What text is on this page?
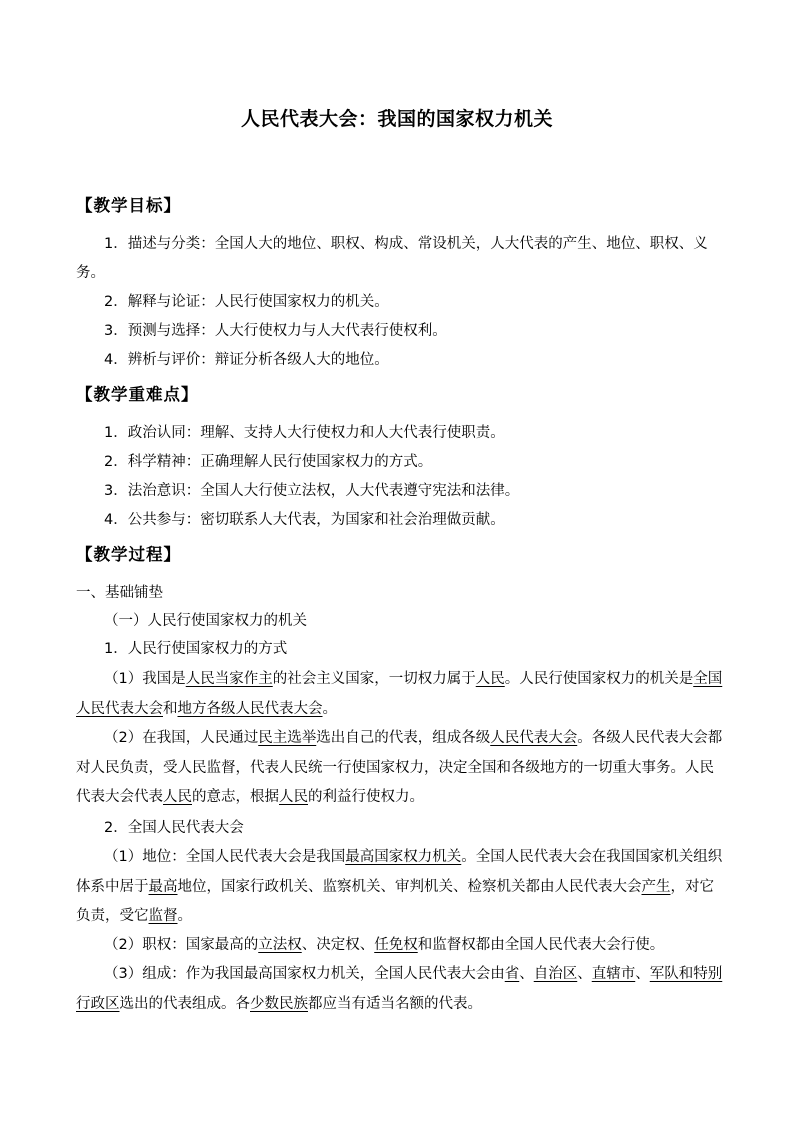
人民代表大会：我国的国家权力机关
【教学目标】
1．描述与分类：全国人大的地位、职权、构成、常设机关，人大代表的产生、地位、职权、义务。
2．解释与论证：人民行使国家权力的机关。
3．预测与选择：人大行使权力与人大代表行使权利。
4．辨析与评价：辩证分析各级人大的地位。
【教学重难点】
1．政治认同：理解、支持人大行使权力和人大代表行使职责。
2．科学精神：正确理解人民行使国家权力的方式。
3．法治意识：全国人大行使立法权，人大代表遵守宪法和法律。
4．公共参与：密切联系人大代表，为国家和社会治理做贡献。
【教学过程】
一、基础铺垫
（一）人民行使国家权力的机关
1．人民行使国家权力的方式
（1）我国是人民当家作主的社会主义国家，一切权力属于人民。人民行使国家权力的机关是全国人民代表大会和地方各级人民代表大会。
（2）在我国，人民通过民主选举选出自己的代表，组成各级人民代表大会。各级人民代表大会都对人民负责，受人民监督，代表人民统一行使国家权力，决定全国和各级地方的一切重大事务。人民代表大会代表人民的意志，根据人民的利益行使权力。
2．全国人民代表大会
（1）地位：全国人民代表大会是我国最高国家权力机关。全国人民代表大会在我国国家机关组织体系中居于最高地位，国家行政机关、监察机关、审判机关、检察机关都由人民代表大会产生，对它负责，受它监督。
（2）职权：国家最高的立法权、决定权、任免权和监督权都由全国人民代表大会行使。
（3）组成：作为我国最高国家权力机关，全国人民代表大会由省、自治区、直辖市、军队和特别行政区选出的代表组成。各少数民族都应当有适当名额的代表。
